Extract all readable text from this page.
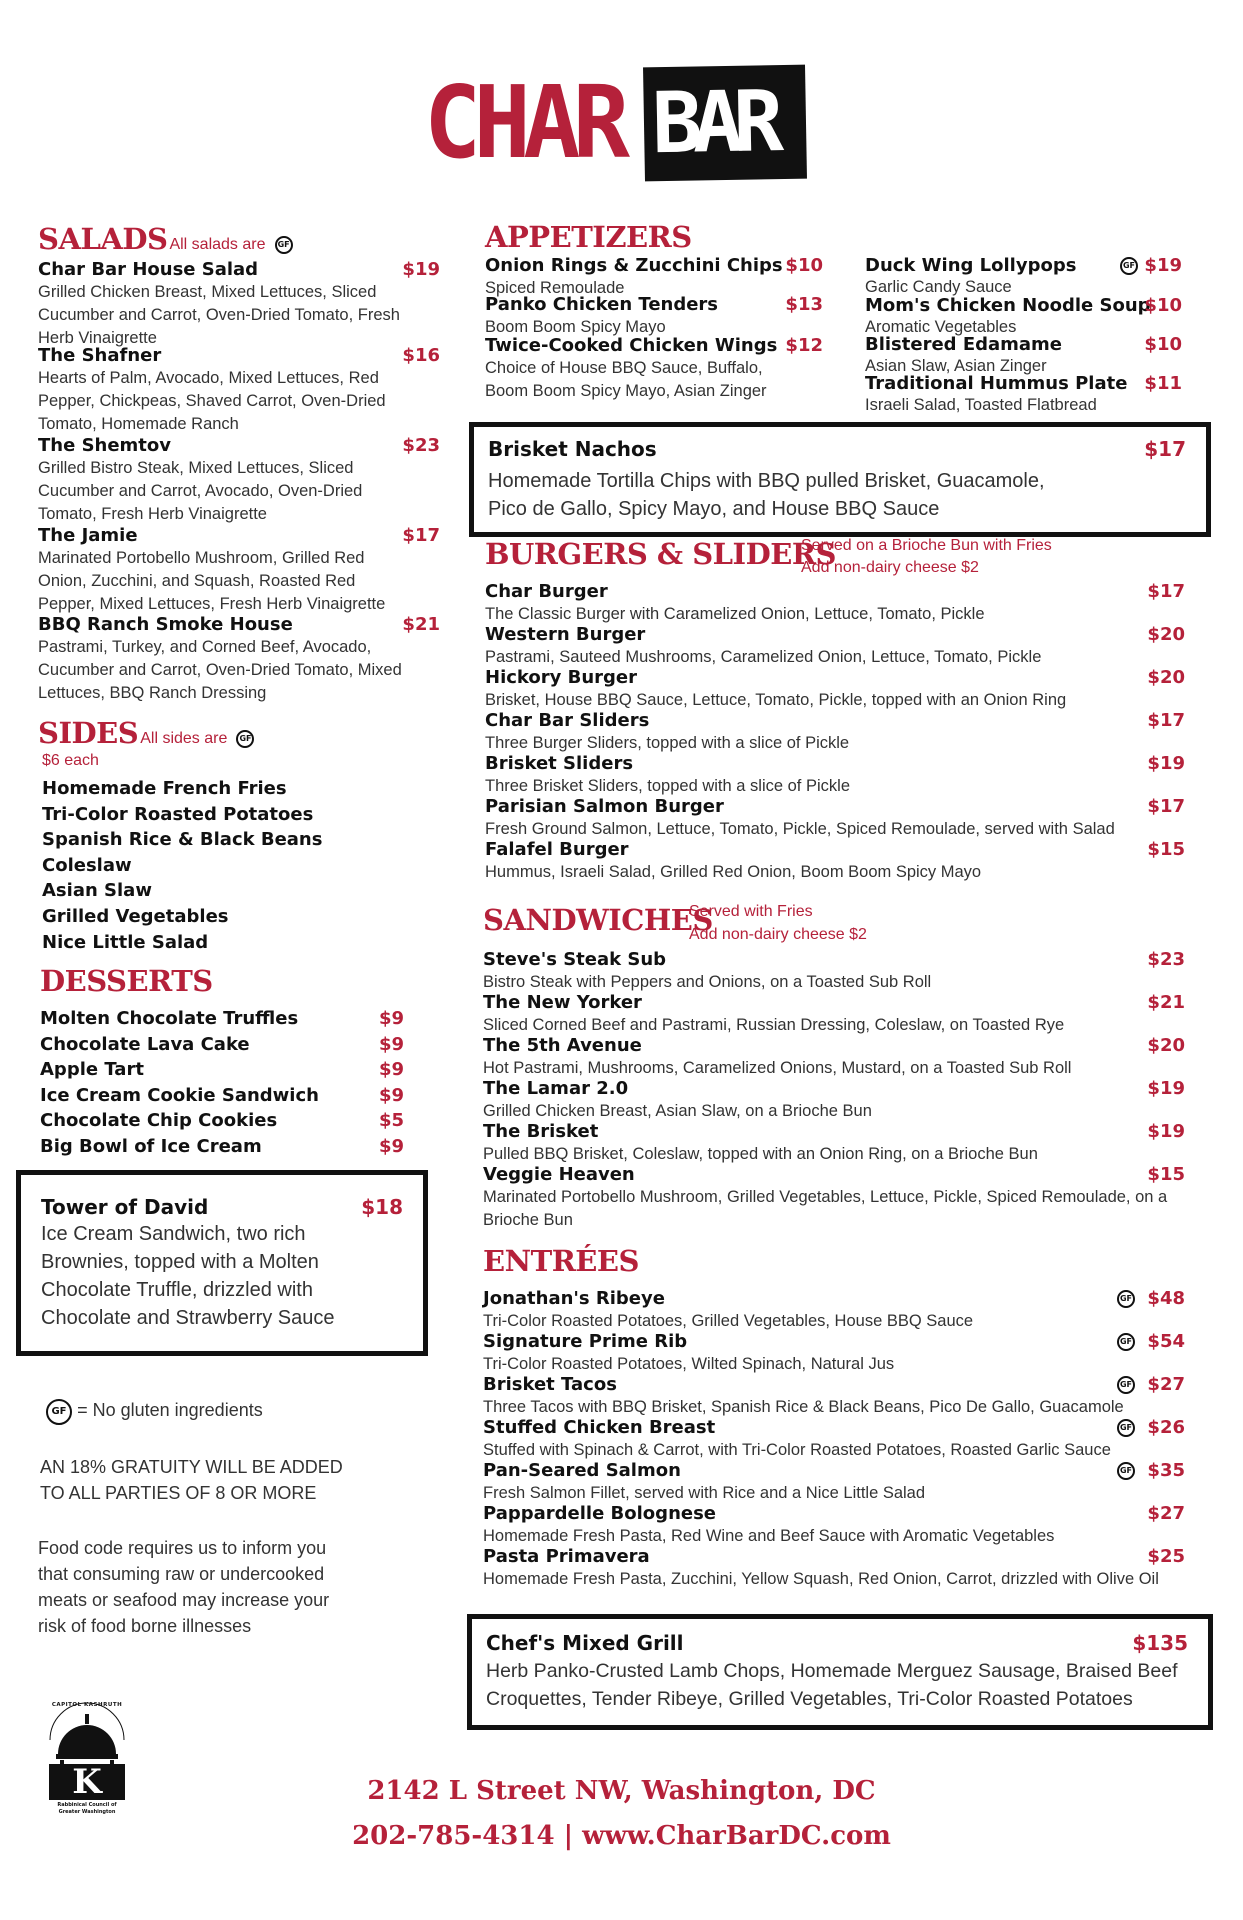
CHAR BAR
SALADS All salads are GF
Char Bar House Salad	$19
Grilled Chicken Breast, Mixed Lettuces, Sliced Cucumber and Carrot, Oven-Dried Tomato, Fresh Herb Vinaigrette
The Shafner	$16
Hearts of Palm, Avocado, Mixed Lettuces, Red Pepper, Chickpeas, Shaved Carrot, Oven-Dried Tomato, Homemade Ranch
The Shemtov	$23
Grilled Bistro Steak, Mixed Lettuces, Sliced Cucumber and Carrot, Avocado, Oven-Dried Tomato, Fresh Herb Vinaigrette
The Jamie	$17
Marinated Portobello Mushroom, Grilled Red Onion, Zucchini, and Squash, Roasted Red Pepper, Mixed Lettuces, Fresh Herb Vinaigrette
BBQ Ranch Smoke House	$21
Pastrami, Turkey, and Corned Beef, Avocado, Cucumber and Carrot, Oven-Dried Tomato, Mixed Lettuces, BBQ Ranch Dressing
SIDES All sides are GF
$6 each
Homemade French Fries
Tri-Color Roasted Potatoes
Spanish Rice & Black Beans
Coleslaw
Asian Slaw
Grilled Vegetables
Nice Little Salad
DESSERTS
Molten Chocolate Truffles	$9
Chocolate Lava Cake	$9
Apple Tart	$9
Ice Cream Cookie Sandwich	$9
Chocolate Chip Cookies	$5
Big Bowl of Ice Cream	$9
Tower of David	$18
Ice Cream Sandwich, two rich Brownies, topped with a Molten Chocolate Truffle, drizzled with Chocolate and Strawberry Sauce
GF = No gluten ingredients
AN 18% GRATUITY WILL BE ADDED TO ALL PARTIES OF 8 OR MORE
Food code requires us to inform you that consuming raw or undercooked meats or seafood may increase your risk of food borne illnesses
CAPITOL KASHRUTH
K
Rabbinical Council of Greater Washington
APPETIZERS
Onion Rings & Zucchini Chips $10
Spiced Remoulade
Panko Chicken Tenders	$13
Boom Boom Spicy Mayo
Twice-Cooked Chicken Wings $12
Choice of House BBQ Sauce, Buffalo, Boom Boom Spicy Mayo, Asian Zinger
Duck Wing Lollypops	$19
GF
Garlic Candy Sauce
Mom's Chicken Noodle Soup
$10
Aromatic Vegetables
Blistered Edamame	$10
Asian Slaw, Asian Zinger
Traditional Hummus Plate $11
Israeli Salad, Toasted Flatbread
Brisket Nachos	$17
Homemade Tortilla Chips with BBQ pulled Brisket, Guacamole, Pico de Gallo, Spicy Mayo, and House BBQ Sauce
BURGERS & SLIDERS
Served on a Brioche Bun with Fries
Add non-dairy cheese $2
Char Burger	$17
The Classic Burger with Caramelized Onion, Lettuce, Tomato, Pickle
Western Burger	$20
Pastrami, Sauteed Mushrooms, Caramelized Onion, Lettuce, Tomato, Pickle
Hickory Burger	$20
Brisket, House BBQ Sauce, Lettuce, Tomato, Pickle, topped with an Onion Ring
Char Bar Sliders	$17
Three Burger Sliders, topped with a slice of Pickle
Brisket Sliders	$19
Three Brisket Sliders, topped with a slice of Pickle
Parisian Salmon Burger	$17
Fresh Ground Salmon, Lettuce, Tomato, Pickle, Spiced Remoulade, served with Salad
Falafel Burger	$15
Hummus, Israeli Salad, Grilled Red Onion, Boom Boom Spicy Mayo
SANDWICHES
Served with Fries
Add non-dairy cheese $2
Steve's Steak Sub	$23
Bistro Steak with Peppers and Onions, on a Toasted Sub Roll
The New Yorker	$21
Sliced Corned Beef and Pastrami, Russian Dressing, Coleslaw, on Toasted Rye
The 5th Avenue	$20
Hot Pastrami, Mushrooms, Caramelized Onions, Mustard, on a Toasted Sub Roll
The Lamar 2.0	$19
Grilled Chicken Breast, Asian Slaw, on a Brioche Bun
The Brisket	$19
Pulled BBQ Brisket, Coleslaw, topped with an Onion Ring, on a Brioche Bun
Veggie Heaven	$15
Marinated Portobello Mushroom, Grilled Vegetables, Lettuce, Pickle, Spiced Remoulade, on a Brioche Bun
ENTRÉES
Jonathan's Ribeye	$48
GF
Tri-Color Roasted Potatoes, Grilled Vegetables, House BBQ Sauce
Signature Prime Rib	$54
GF
Tri-Color Roasted Potatoes, Wilted Spinach, Natural Jus
Brisket Tacos	$27
GF
Three Tacos with BBQ Brisket, Spanish Rice & Black Beans, Pico De Gallo, Guacamole
Stuffed Chicken Breast	$26
GF
Stuffed with Spinach & Carrot, with Tri-Color Roasted Potatoes, Roasted Garlic Sauce
Pan-Seared Salmon	$35
GF
Fresh Salmon Fillet, served with Rice and a Nice Little Salad
Pappardelle Bolognese	$27
Homemade Fresh Pasta, Red Wine and Beef Sauce with Aromatic Vegetables
Pasta Primavera	$25
Homemade Fresh Pasta, Zucchini, Yellow Squash, Red Onion, Carrot, drizzled with Olive Oil
Chef's Mixed Grill	$135
Herb Panko-Crusted Lamb Chops, Homemade Merguez Sausage, Braised Beef Croquettes, Tender Ribeye, Grilled Vegetables, Tri-Color Roasted Potatoes
2142 L Street NW, Washington, DC
202-785-4314 | www.CharBarDC.com
